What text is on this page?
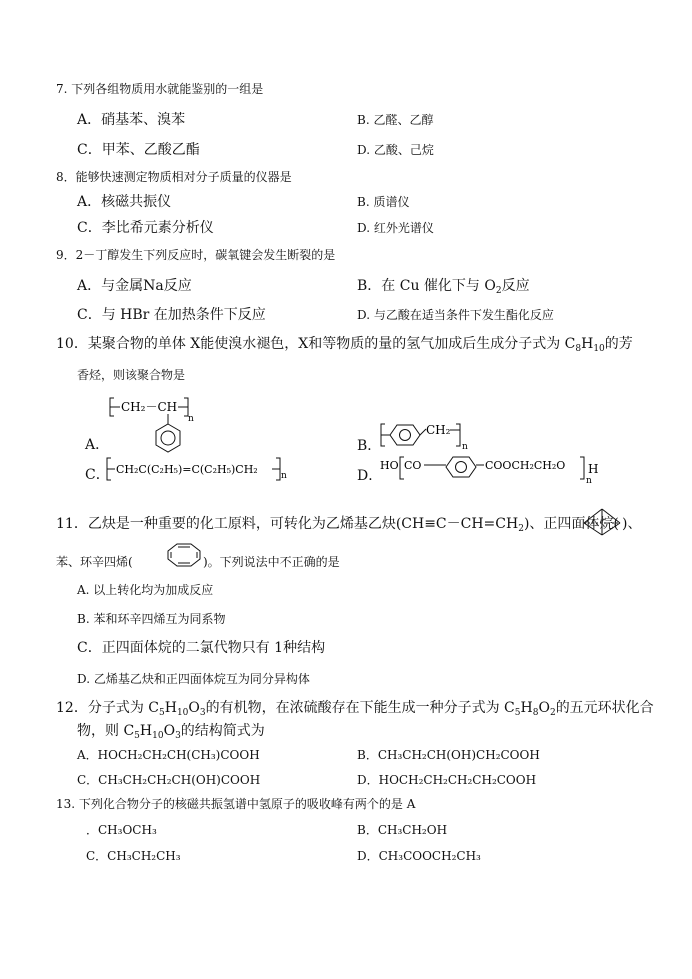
7. 下列各组物质用水就能鉴别的一组是
A．硝基苯、溴苯	B. 乙醛、乙醇
C．甲苯、乙酸乙酯	D. 乙酸、己烷
8．能够快速测定物质相对分子质量的仪器是
A．核磁共振仪	B. 质谱仪
C．李比希元素分析仪	D. 红外光谱仪
9．2－丁醇发生下列反应时，碳氧键会发生断裂的是
A．与金属Na反应	B．在 Cu 催化下与 $O_2$反应
C．与 HBr 在加热条件下反应	D. 与乙酸在适当条件下发生酯化反应
10．某聚合物的单体 X能使溴水褪色，X和等物质的量的氢气加成后生成分子式为 $C_8H_{10}$的芳
香烃，则该聚合物是
CH₂－CH
n
A．	B．
CH₂
n
C． CH₂C(C₂H₅)=C(C₂H₅)CH₂	n	D．
HO CO	COOCH₂CH₂O
n
H
11．乙炔是一种重要的化工原料，可转化为乙烯基乙炔$(CH\equiv C-CH=CH_2)$、正四面体烷( )、
苯、环辛四烯(	)。下列说法中不正确的是
A. 以上转化均为加成反应
B. 苯和环辛四烯互为同系物
C．正四面体烷的二氯代物只有 1种结构
D. 乙烯基乙炔和正四面体烷互为同分异构体
12．分子式为 $C_5H_{10}O_3$的有机物，在浓硫酸存在下能生成一种分子式为 $C_5H_8O_2$的五元环状化合
物，则 $C_5H_{10}O_3$的结构简式为
A．HOCH₂CH₂CH(CH₃)COOH	B．CH₃CH₂CH(OH)CH₂COOH
C．CH₃CH₂CH₂CH(OH)COOH	D．HOCH₂CH₂CH₂CH₂COOH
13. 下列化合物分子的核磁共振氢谱中氢原子的吸收峰有两个的是 A
．CH₃OCH₃	B．CH₃CH₂OH
C．CH₃CH₂CH₃	D．CH₃COOCH₂CH₃
